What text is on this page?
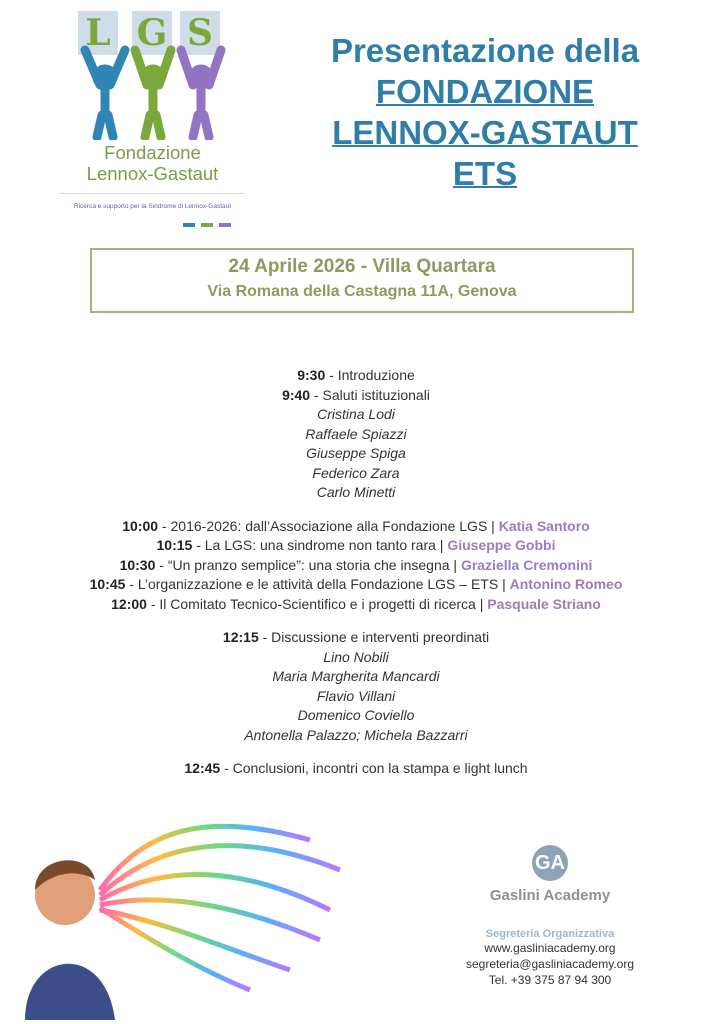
L G S
Fondazione
Lennox-Gastaut
Ricerca e supporto per la Sindrome di Lennox-Gastaut
Presentazione della
FONDAZIONE
LENNOX-GASTAUT
ETS
24 Aprile 2026 - Villa Quartara
Via Romana della Castagna 11A, Genova
9:30 - Introduzione
9:40 - Saluti istituzionali
Cristina Lodi
Raffaele Spiazzi
Giuseppe Spiga
Federico Zara
Carlo Minetti
10:00 - 2016-2026: dall’Associazione alla Fondazione LGS | Katia Santoro
10:15 - La LGS: una sindrome non tanto rara | Giuseppe Gobbi
10:30 - “Un pranzo semplice”: una storia che insegna | Graziella Cremonini
10:45 - L’organizzazione e le attività della Fondazione LGS – ETS | Antonino Romeo
12:00 - Il Comitato Tecnico-Scientifico e i progetti di ricerca | Pasquale Striano
12:15 - Discussione e interventi preordinati
Lino Nobili
Maria Margherita Mancardi
Flavio Villani
Domenico Coviello
Antonella Palazzo; Michela Bazzarri
12:45 - Conclusioni, incontri con la stampa e light lunch
GA
Gaslini Academy
Segreteria Organizzativa
www.gasliniacademy.org
segreteria@gasliniacademy.org
Tel. +39 375 87 94 300
